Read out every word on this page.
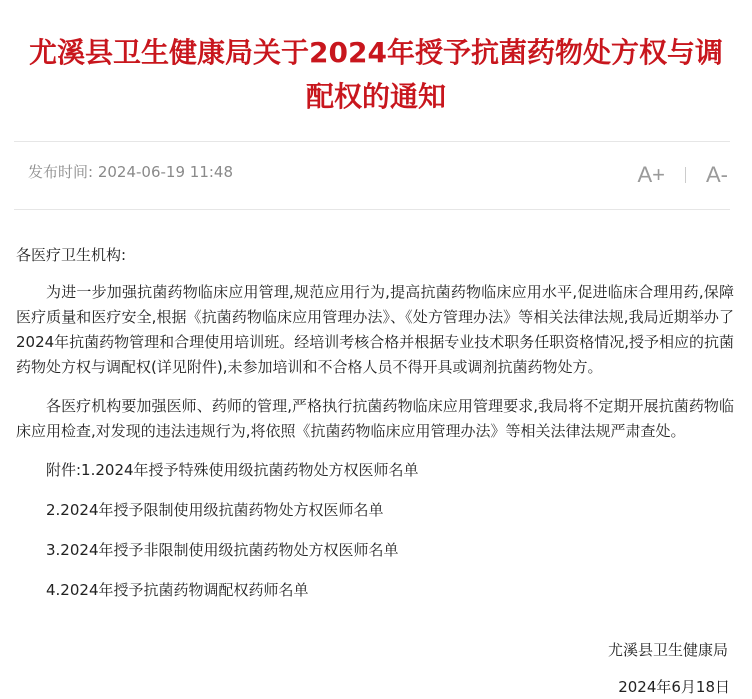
尤溪县卫生健康局关于2024年授予抗菌药物处方权与调配权的通知
发布时间: 2024-06-19 11:48	A+ A-

各医疗卫生机构:

为进一步加强抗菌药物临床应用管理,规范应用行为,提高抗菌药物临床应用水平,促进临床合理用药,保障医疗质量和医疗安全,根据《抗菌药物临床应用管理办法》、《处方管理办法》等相关法律法规,我局近期举办了2024年抗菌药物管理和合理使用培训班。经培训考核合格并根据专业技术职务任职资格情况,授予相应的抗菌药物处方权与调配权(详见附件),未参加培训和不合格人员不得开具或调剂抗菌药物处方。

各医疗机构要加强医师、药师的管理,严格执行抗菌药物临床应用管理要求,我局将不定期开展抗菌药物临床应用检查,对发现的违法违规行为,将依照《抗菌药物临床应用管理办法》等相关法律法规严肃查处。

附件:1.2024年授予特殊使用级抗菌药物处方权医师名单

2.2024年授予限制使用级抗菌药物处方权医师名单

3.2024年授予非限制使用级抗菌药物处方权医师名单

4.2024年授予抗菌药物调配权药师名单

尤溪县卫生健康局
2024年6月18日
